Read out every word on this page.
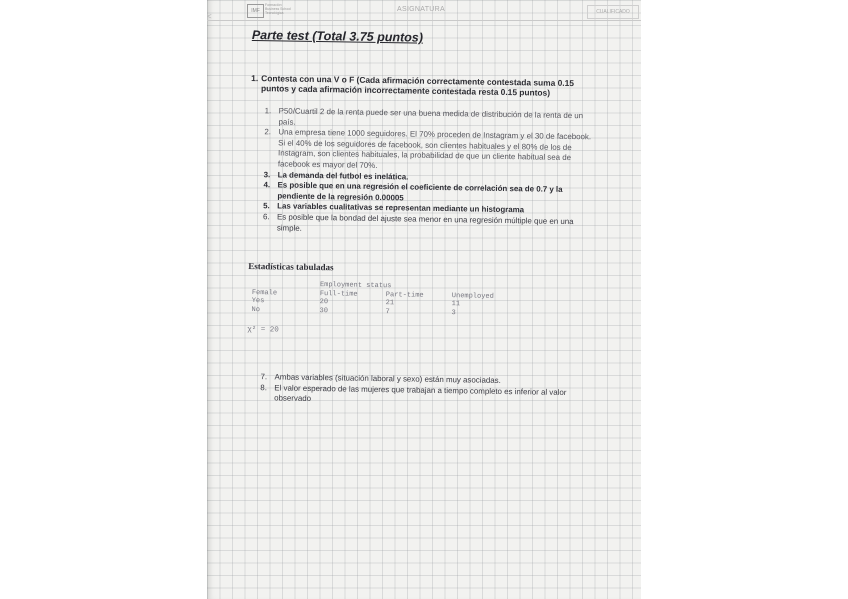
IMF
Formación
Business School
Tecnológica	ASIGNATURA	CUALIFICADO
<
Parte test (Total 3.75 puntos)
1. Contesta con una V o F (Cada afirmación correctamente contestada suma 0.15 puntos y cada afirmación incorrectamente contestada resta 0.15 puntos)
1. P50/Cuartil 2 de la renta puede ser una buena medida de distribución de la renta de un país.
2. Una empresa tiene 1000 seguidores. El 70% proceden de Instagram y el 30 de facebook. Si el 40% de los seguidores de facebook, son clientes habituales y el 80% de los de Instagram, son clientes habituales, la probabilidad de que un cliente habitual sea de facebook es mayor del 70%.
3. La demanda del futbol es inelática.
4. Es posible que en una regresión el coeficiente de correlación sea de 0.7 y la pendiente de la regresión 0.00005
5. Las variables cualitativas se representan mediante un histograma
6. Es posible que la bondad del ajuste sea menor en una regresión múltiple que en una simple.
Estadísticas tabuladas
Employment status
Female	Full-time	Part-time	Unemployed
Yes	20	21	11
No	30	7	3
χ² = 20
7. Ambas variables (situación laboral y sexo) están muy asociadas.
8. El valor esperado de las mujeres que trabajan a tiempo completo es inferior al valor observado
